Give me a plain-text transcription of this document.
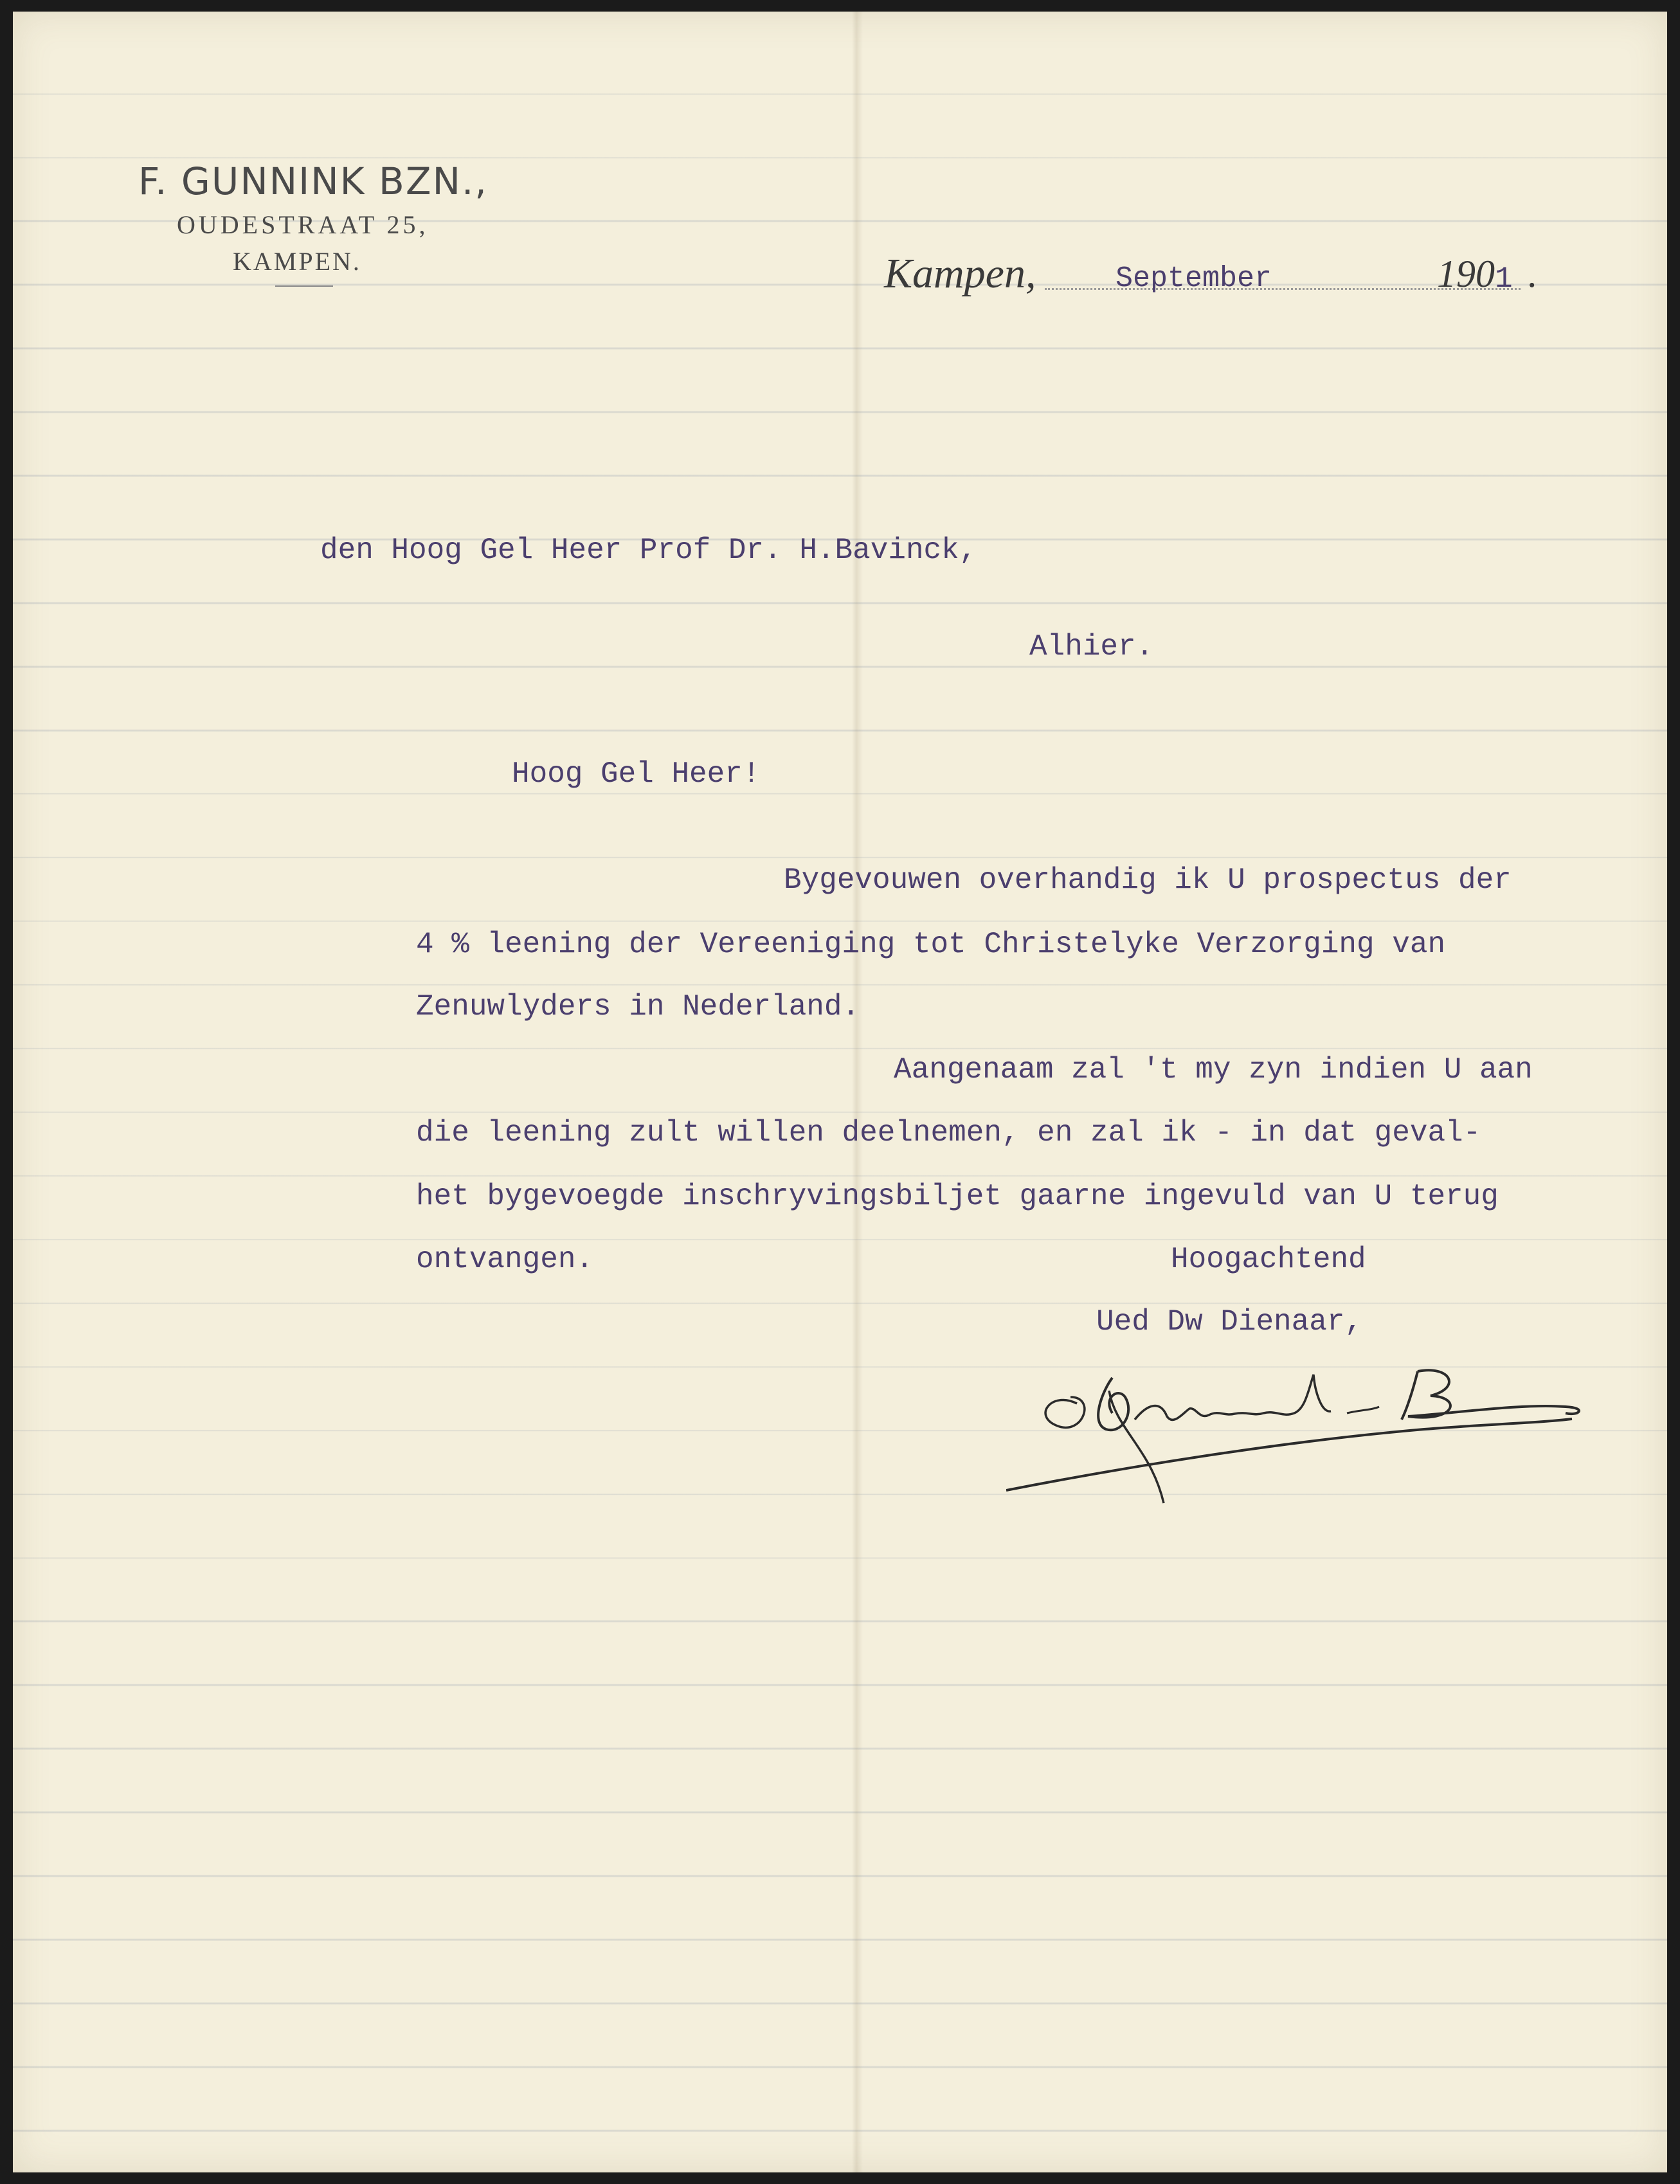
F. GUNNINK BZN.,
OUDESTRAAT 25,
KAMPEN.	Kampen,	September	1901 .
den Hoog Gel Heer Prof Dr. H.Bavinck,
Alhier.
Hoog Gel Heer!
Bygevouwen overhandig ik U prospectus der
4 % leening der Vereeniging tot Christelyke Verzorging van
Zenuwlyders in Nederland.
Aangenaam zal 't my zyn indien U aan
die leening zult willen deelnemen, en zal ik - in dat geval-
het bygevoegde inschryvingsbiljet gaarne ingevuld van U terug
ontvangen.	Hoogachtend
Ued Dw Dienaar,
